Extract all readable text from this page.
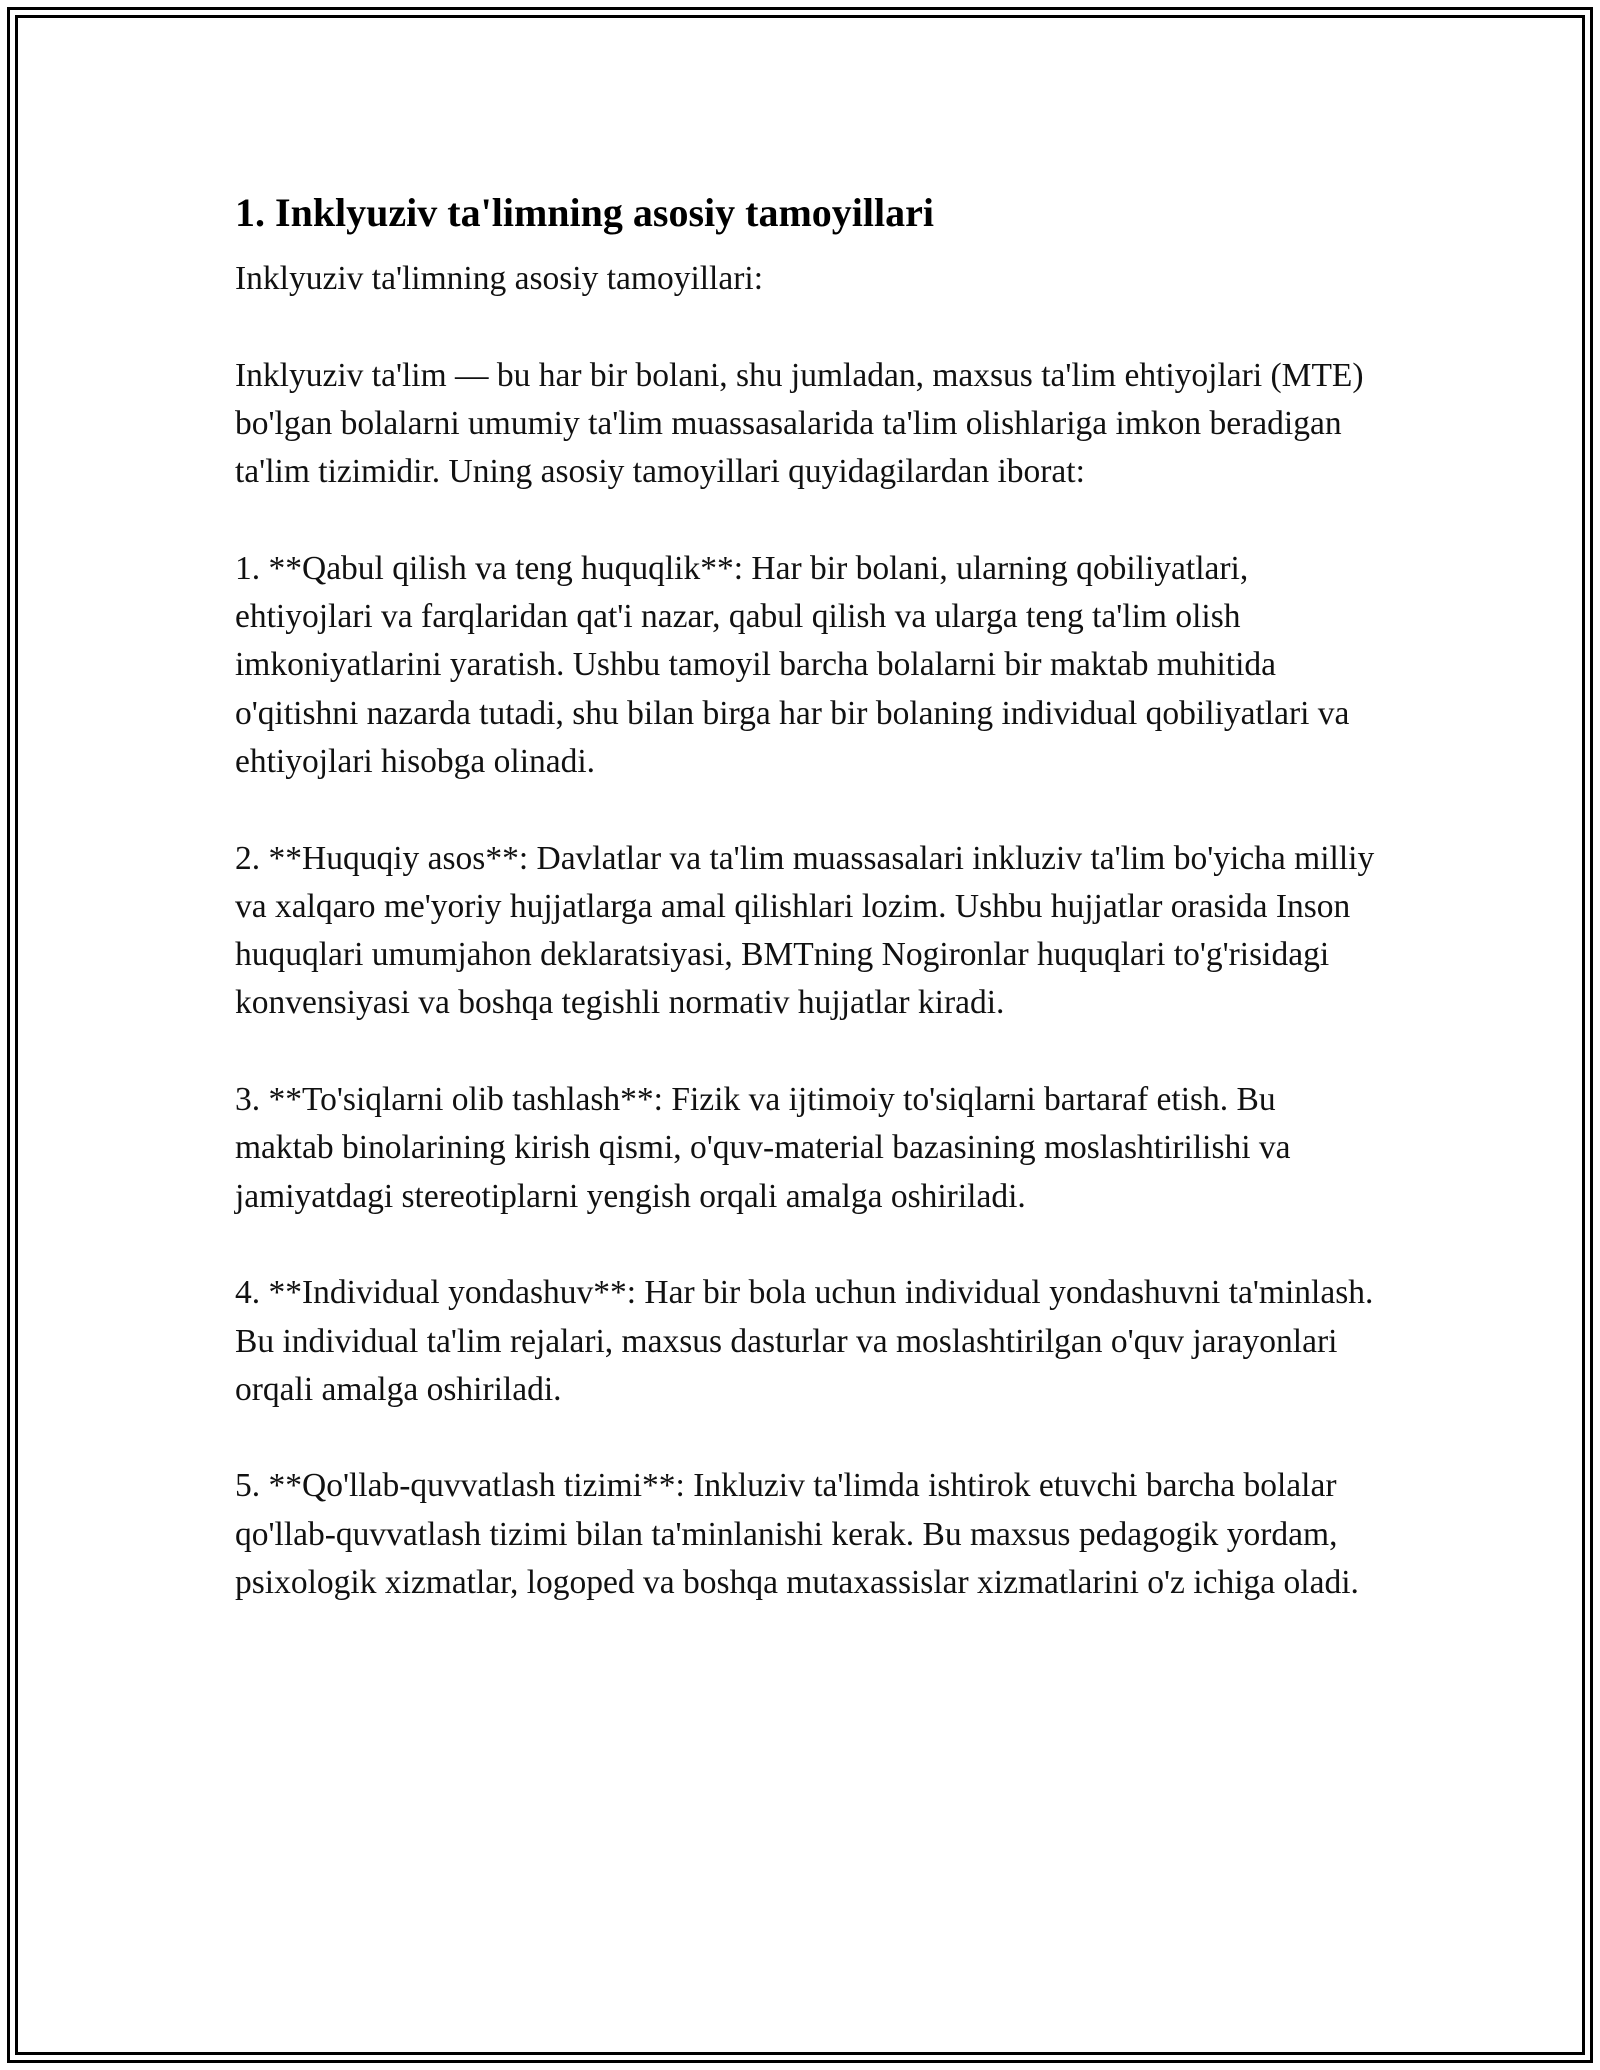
1. Inklyuziv ta'limning asosiy tamoyillari

Inklyuziv ta'limning asosiy tamoyillari:

Inklyuziv ta'lim — bu har bir bolani, shu jumladan, maxsus ta'lim ehtiyojlari (MTE) bo'lgan bolalarni umumiy ta'lim muassasalarida ta'lim olishlariga imkon beradigan ta'lim tizimidir. Uning asosiy tamoyillari quyidagilardan iborat:

1. **Qabul qilish va teng huquqlik**: Har bir bolani, ularning qobiliyatlari, ehtiyojlari va farqlaridan qat'i nazar, qabul qilish va ularga teng ta'lim olish imkoniyatlarini yaratish. Ushbu tamoyil barcha bolalarni bir maktab muhitida o'qitishni nazarda tutadi, shu bilan birga har bir bolaning individual qobiliyatlari va ehtiyojlari hisobga olinadi.

2. **Huquqiy asos**: Davlatlar va ta'lim muassasalari inkluziv ta'lim bo'yicha milliy va xalqaro me'yoriy hujjatlarga amal qilishlari lozim. Ushbu hujjatlar orasida Inson huquqlari umumjahon deklaratsiyasi, BMTning Nogironlar huquqlari to'g'risidagi konvensiyasi va boshqa tegishli normativ hujjatlar kiradi.

3. **To'siqlarni olib tashlash**: Fizik va ijtimoiy to'siqlarni bartaraf etish. Bu maktab binolarining kirish qismi, o'quv-material bazasining moslashtirilishi va jamiyatdagi stereotiplarni yengish orqali amalga oshiriladi.

4. **Individual yondashuv**: Har bir bola uchun individual yondashuvni ta'minlash. Bu individual ta'lim rejalari, maxsus dasturlar va moslashtirilgan o'quv jarayonlari orqali amalga oshiriladi.

5. **Qo'llab-quvvatlash tizimi**: Inkluziv ta'limda ishtirok etuvchi barcha bolalar qo'llab-quvvatlash tizimi bilan ta'minlanishi kerak. Bu maxsus pedagogik yordam, psixologik xizmatlar, logoped va boshqa mutaxassislar xizmatlarini o'z ichiga oladi.
